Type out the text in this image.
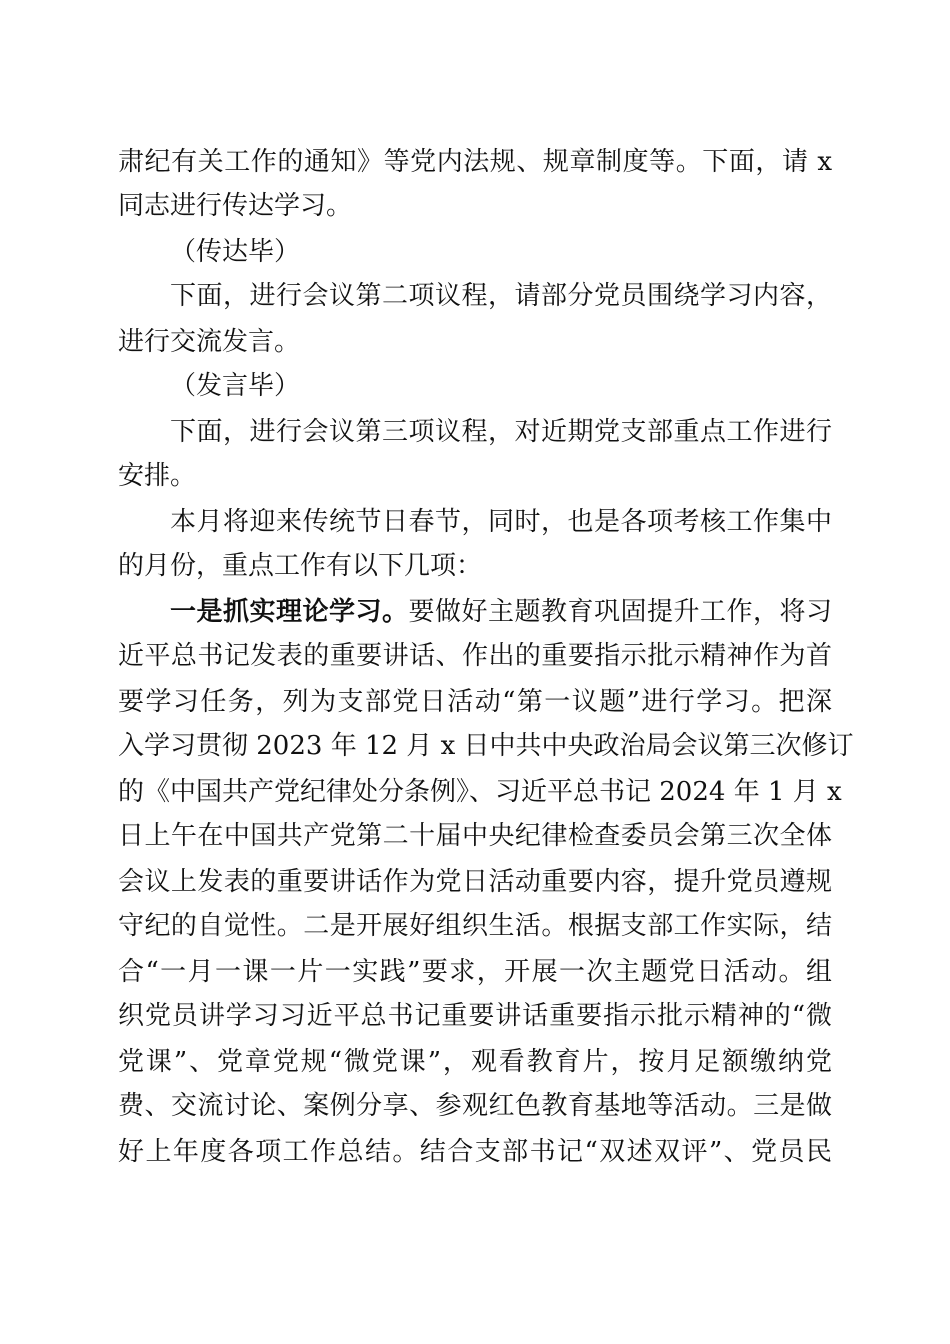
肃纪有关工作的通知》等党内法规、规章制度等。下面，请 x
同志进行传达学习。
（传达毕）
下面，进行会议第二项议程，请部分党员围绕学习内容，
进行交流发言。
（发言毕）
下面，进行会议第三项议程，对近期党支部重点工作进行
安排。
本月将迎来传统节日春节，同时，也是各项考核工作集中
的月份，重点工作有以下几项：
一是抓实理论学习。要做好主题教育巩固提升工作，将习
近平总书记发表的重要讲话、作出的重要指示批示精神作为首
要学习任务，列为支部党日活动“第一议题”进行学习。把深
入学习贯彻 2023 年 12 月 x 日中共中央政治局会议第三次修订
的《中国共产党纪律处分条例》、习近平总书记 2024 年 1 月 x
日上午在中国共产党第二十届中央纪律检查委员会第三次全体
会议上发表的重要讲话作为党日活动重要内容，提升党员遵规
守纪的自觉性。二是开展好组织生活。根据支部工作实际，结
合“一月一课一片一实践”要求，开展一次主题党日活动。组
织党员讲学习习近平总书记重要讲话重要指示批示精神的“微
党课”、党章党规“微党课”，观看教育片，按月足额缴纳党
费、交流讨论、案例分享、参观红色教育基地等活动。三是做
好上年度各项工作总结。结合支部书记“双述双评”、党员民
